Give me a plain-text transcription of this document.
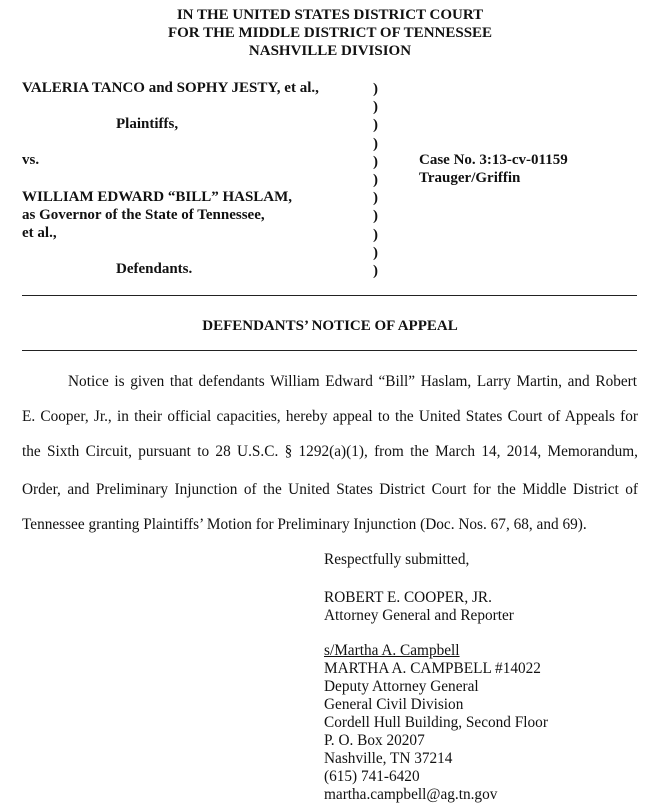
IN THE UNITED STATES DISTRICT COURT
FOR THE MIDDLE DISTRICT OF TENNESSEE
NASHVILLE DIVISION
VALERIA TANCO and SOPHY JESTY, et al.,
Plaintiffs,
vs.
WILLIAM EDWARD “BILL” HASLAM,
as Governor of the State of Tennessee,
et al.,
Defendants.
)
)
)
)
)
)
)
)
)
)
)
Case No. 3:13-cv-01159
Trauger/Griffin
DEFENDANTS’ NOTICE OF APPEAL
Notice is given that defendants William Edward “Bill” Haslam, Larry Martin, and Robert
E. Cooper, Jr., in their official capacities, hereby appeal to the United States Court of Appeals for
the Sixth Circuit, pursuant to 28 U.S.C. § 1292(a)(1), from the March 14, 2014, Memorandum,
Order, and Preliminary Injunction of the United States District Court for the Middle District of
Tennessee granting Plaintiffs’ Motion for Preliminary Injunction (Doc. Nos. 67, 68, and 69).
Respectfully submitted,
ROBERT E. COOPER, JR.
Attorney General and Reporter
s/Martha A. Campbell
MARTHA A. CAMPBELL #14022
Deputy Attorney General
General Civil Division
Cordell Hull Building, Second Floor
P. O. Box 20207
Nashville, TN 37214
(615) 741-6420
martha.campbell@ag.tn.gov
